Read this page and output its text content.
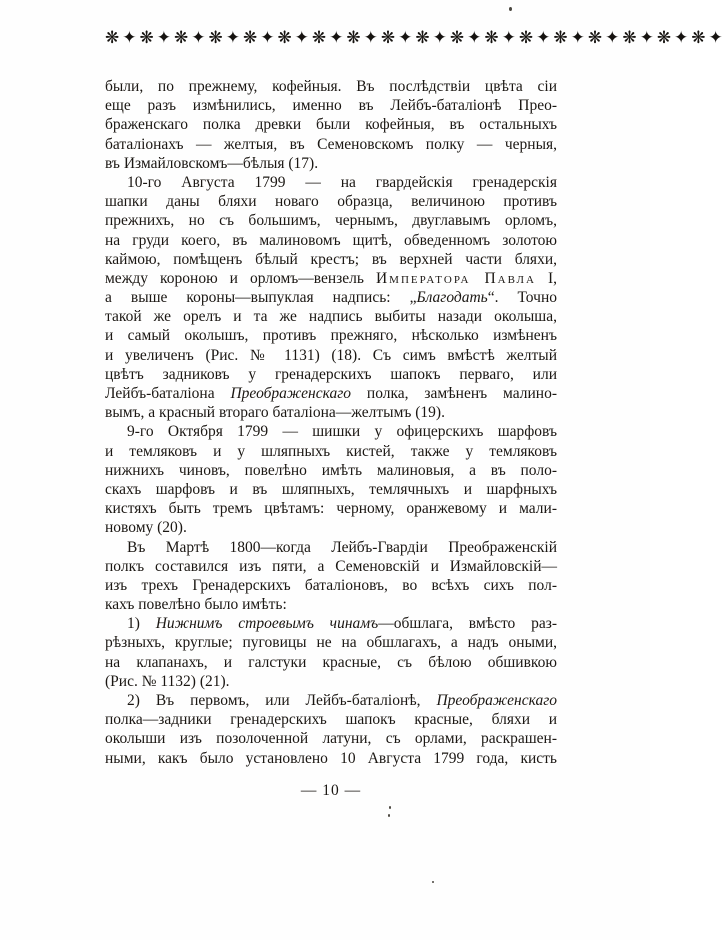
❋✦❋✦❋✦❋✦❋✦❋✦❋✦❋✦❋✦❋✦❋✦❋✦❋✦❋✦❋✦❋✦❋✦❋✦
были, по прежнему, кофейныя. Въ послѣдствіи цвѣта сіи
еще разъ измѣнились, именно въ Лейбъ-баталіонѣ Прео-
браженскаго полка древки были кофейныя, въ остальныхъ
баталіонахъ — желтыя, въ Семеновскомъ полку — черныя,
въ Измайловскомъ—бѣлыя (17).
10-го Августа 1799 — на гвардейскія гренадерскія
шапки даны бляхи новаго образца, величиною противъ
прежнихъ, но съ большимъ, чернымъ, двуглавымъ орломъ,
на груди коего, въ малиновомъ щитѣ, обведенномъ золотою
каймою, помѣщенъ бѣлый крестъ; въ верхней части бляхи,
между короною и орломъ—вензель Императора Павла I,
а выше короны—выпуклая надпись: „Благодать“. Точно
такой же орелъ и та же надпись выбиты назади околыша,
и самый околышъ, противъ прежняго, нѣсколько измѣненъ
и увеличенъ (Рис. № 1131) (18). Съ симъ вмѣстѣ желтый
цвѣтъ задниковъ у гренадерскихъ шапокъ перваго, или
Лейбъ-баталіона Преображенскаго полка, замѣненъ малино-
вымъ, а красный втораго баталіона—желтымъ (19).
9-го Октября 1799 — шишки у офицерскихъ шарфовъ
и темляковъ и у шляпныхъ кистей, также у темляковъ
нижнихъ чиновъ, повелѣно имѣть малиновыя, а въ поло-
скахъ шарфовъ и въ шляпныхъ, темлячныхъ и шарфныхъ
кистяхъ быть тремъ цвѣтамъ: черному, оранжевому и мали-
новому (20).
Въ Мартѣ 1800—когда Лейбъ-Гвардіи Преображенскій
полкъ составился изъ пяти, а Семеновскій и Измайловскій—
изъ трехъ Гренадерскихъ баталіоновъ, во всѣхъ сихъ пол-
кахъ повелѣно было имѣть:
1) Нижнимъ строевымъ чинамъ—обшлага, вмѣсто раз-
рѣзныхъ, круглые; пуговицы не на обшлагахъ, а надъ оными,
на клапанахъ, и галстуки красные, съ бѣлою обшивкою
(Рис. № 1132) (21).
2) Въ первомъ, или Лейбъ-баталіонѣ, Преображенскаго
полка—задники гренадерскихъ шапокъ красные, бляхи и
околыши изъ позолоченной латуни, съ орлами, раскрашен-
ными, какъ было установлено 10 Августа 1799 года, кисть
— 10 —
